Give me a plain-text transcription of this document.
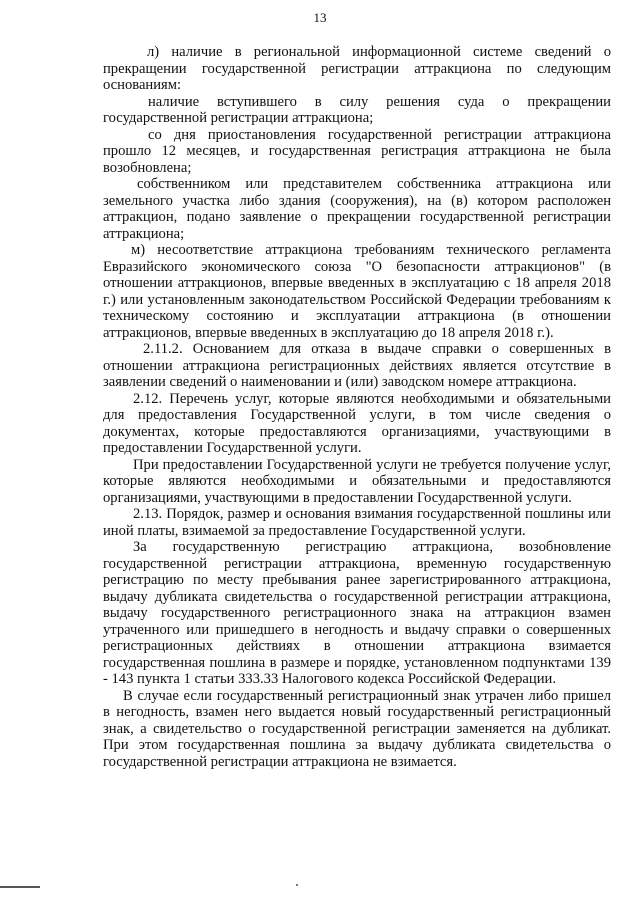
13

л) наличие в региональной информационной системе сведений о прекращении государственной регистрации аттракциона по следующим основаниям:

наличие вступившего в силу решения суда о прекращении государственной регистрации аттракциона;

со дня приостановления государственной регистрации аттракциона прошло 12 месяцев, и государственная регистрация аттракциона не была возобновлена;

собственником или представителем собственника аттракциона или земельного участка либо здания (сооружения), на (в) котором расположен аттракцион, подано заявление о прекращении государственной регистрации аттракциона;

м) несоответствие аттракциона требованиям технического регламента Евразийского экономического союза "О безопасности аттракционов" (в отношении аттракционов, впервые введенных в эксплуатацию с 18 апреля 2018 г.) или установленным законодательством Российской Федерации требованиям к техническому состоянию и эксплуатации аттракциона (в отношении аттракционов, впервые введенных в эксплуатацию до 18 апреля 2018 г.).

2.11.2. Основанием для отказа в выдаче справки о совершенных в отношении аттракциона регистрационных действиях является отсутствие в заявлении сведений о наименовании и (или) заводском номере аттракциона.

2.12. Перечень услуг, которые являются необходимыми и обязательными для предоставления Государственной услуги, в том числе сведения о документах, которые предоставляются организациями, участвующими в предоставлении Государственной услуги.

При предоставлении Государственной услуги не требуется получение услуг, которые являются необходимыми и обязательными и предоставляются организациями, участвующими в предоставлении Государственной услуги.

2.13. Порядок, размер и основания взимания государственной пошлины или иной платы, взимаемой за предоставление Государственной услуги.

За государственную регистрацию аттракциона, возобновление государственной регистрации аттракциона, временную государственную регистрацию по месту пребывания ранее зарегистрированного аттракциона, выдачу дубликата свидетельства о государственной регистрации аттракциона, выдачу государственного регистрационного знака на аттракцион взамен утраченного или пришедшего в негодность и выдачу справки о совершенных регистрационных действиях в отношении аттракциона взимается государственная пошлина в размере и порядке, установленном подпунктами 139 - 143 пункта 1 статьи 333.33 Налогового кодекса Российской Федерации.

В случае если государственный регистрационный знак утрачен либо пришел в негодность, взамен него выдается новый государственный регистрационный знак, а свидетельство о государственной регистрации заменяется на дубликат. При этом государственная пошлина за выдачу дубликата свидетельства о государственной регистрации аттракциона не взимается.
